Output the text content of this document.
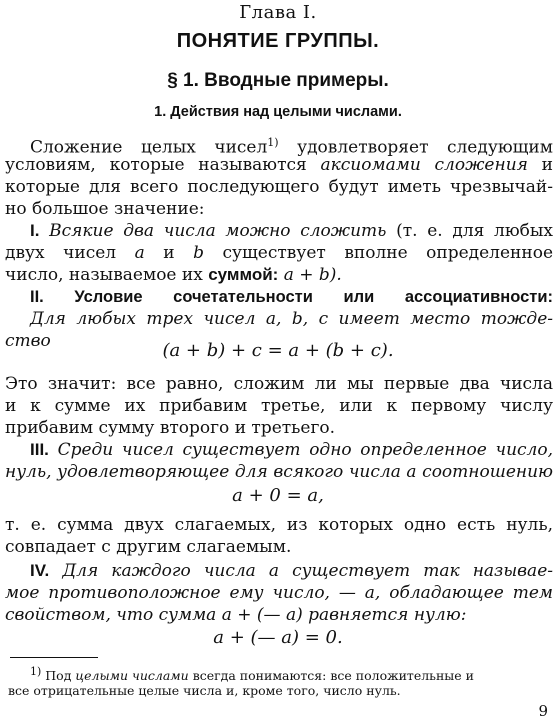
Глава I.
ПОНЯТИЕ ГРУППЫ.
§ 1. Вводные примеры.
1. Действия над целыми числами.
Сложение целых чисел$^{1)}$ удовлетворяет следующим
условиям, которые называются аксиомами сложения и
которые для всего последующего будут иметь чрезвычай-
но большое значение:
I. Всякие два числа можно сложить (т. е. для любых
двух чисел a и b существует вполне определенное
число, называемое их суммой: a + b).
II. Условие сочетательности или ассоциативности:
Для любых трех чисел a, b, c имеет место тожде-
ство	(a + b) + c = a + (b + c).
Это значит: все равно, сложим ли мы первые два числа
и к сумме их прибавим третье, или к первому числу
прибавим сумму второго и третьего.
III. Среди чисел существует одно определенное число,
нуль, удовлетворяющее для всякого числа a соотношению
a + 0 = a,
т. е. сумма двух слагаемых, из которых одно есть нуль,
совпадает с другим слагаемым.
IV. Для каждого числа a существует так называе-
мое противоположное ему число, — a, обладающее тем
свойством, что сумма a + (— a) равняется нулю:
a + (— a) = 0.
$^{1)}$ Под целыми числами всегда понимаются: все положительные и
все отрицательные целые числа и, кроме того, число нуль.
9
